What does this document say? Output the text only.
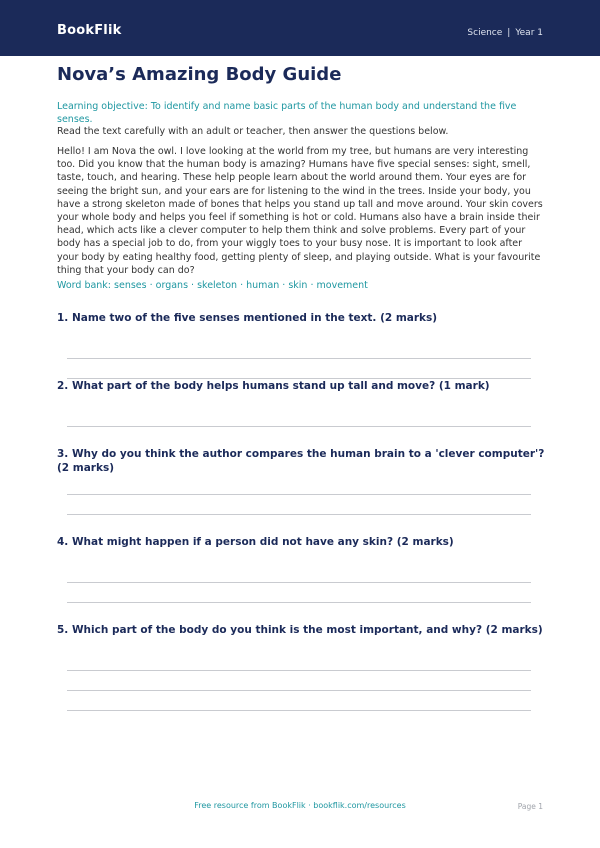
BookFlik	Science | Year 1
Nova’s Amazing Body Guide
Learning objective: To identify and name basic parts of the human body and understand the five senses.
Read the text carefully with an adult or teacher, then answer the questions below.

Hello! I am Nova the owl. I love looking at the world from my tree, but humans are very interesting too. Did you know that the human body is amazing? Humans have five special senses: sight, smell, taste, touch, and hearing. These help people learn about the world around them. Your eyes are for seeing the bright sun, and your ears are for listening to the wind in the trees. Inside your body, you have a strong skeleton made of bones that helps you stand up tall and move around. Your skin covers your whole body and helps you feel if something is hot or cold. Humans also have a brain inside their head, which acts like a clever computer to help them think and solve problems. Every part of your body has a special job to do, from your wiggly toes to your busy nose. It is important to look after your body by eating healthy food, getting plenty of sleep, and playing outside. What is your favourite thing that your body can do?

Word bank: senses · organs · skeleton · human · skin · movement
1. Name two of the five senses mentioned in the text. (2 marks)
2. What part of the body helps humans stand up tall and move? (1 mark)
3. Why do you think the author compares the human brain to a 'clever computer'? (2 marks)
4. What might happen if a person did not have any skin? (2 marks)
5. Which part of the body do you think is the most important, and why? (2 marks)
Free resource from BookFlik · bookflik.com/resources	Page 1
